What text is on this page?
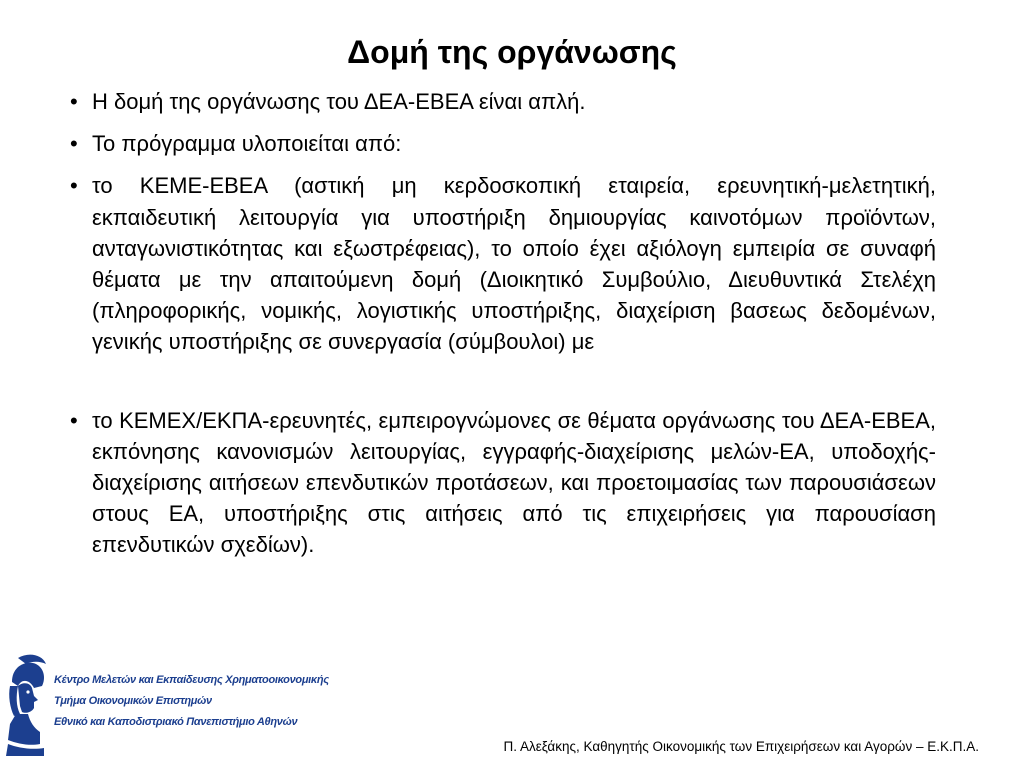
Δομή της οργάνωσης
• Η δομή της οργάνωσης του ΔΕΑ-ΕΒΕΑ είναι απλή.
• Το πρόγραμμα υλοποιείται από:
• το ΚΕΜΕ-ΕΒΕΑ (αστική μη κερδοσκοπική εταιρεία, ερευνητική-μελετητική, εκπαιδευτική λειτουργία για υποστήριξη δημιουργίας καινοτόμων προϊόντων, ανταγωνιστικότητας και εξωστρέφειας), το οποίο έχει αξιόλογη εμπειρία σε συναφή θέματα με την απαιτούμενη δομή (Διοικητικό Συμβούλιο, Διευθυντικά Στελέχη (πληροφορικής, νομικής, λογιστικής υποστήριξης, διαχείριση βασεως δεδομένων, γενικής υποστήριξης σε συνεργασία (σύμβουλοι) με
• το ΚΕΜΕΧ/ΕΚΠΑ-ερευνητές, εμπειρογνώμονες σε θέματα οργάνωσης του ΔΕΑ-ΕΒΕΑ, εκπόνησης κανονισμών λειτουργίας, εγγραφής-διαχείρισης μελών-ΕΑ, υποδοχής-διαχείρισης αιτήσεων επενδυτικών προτάσεων, και προετοιμασίας των παρουσιάσεων στους ΕΑ, υποστήριξης στις αιτήσεις από τις επιχειρήσεις για παρουσίαση επενδυτικών σχεδίων).
Κέντρο Μελετών και Εκπαίδευσης Χρηματοοικονομικής
Τμήμα Οικονομικών Επιστημών
Εθνικό και Καποδιστριακό Πανεπιστήμιο Αθηνών
Π. Αλεξάκης, Καθηγητής Οικονομικής των Επιχειρήσεων και Αγορών – Ε.Κ.Π.Α.
